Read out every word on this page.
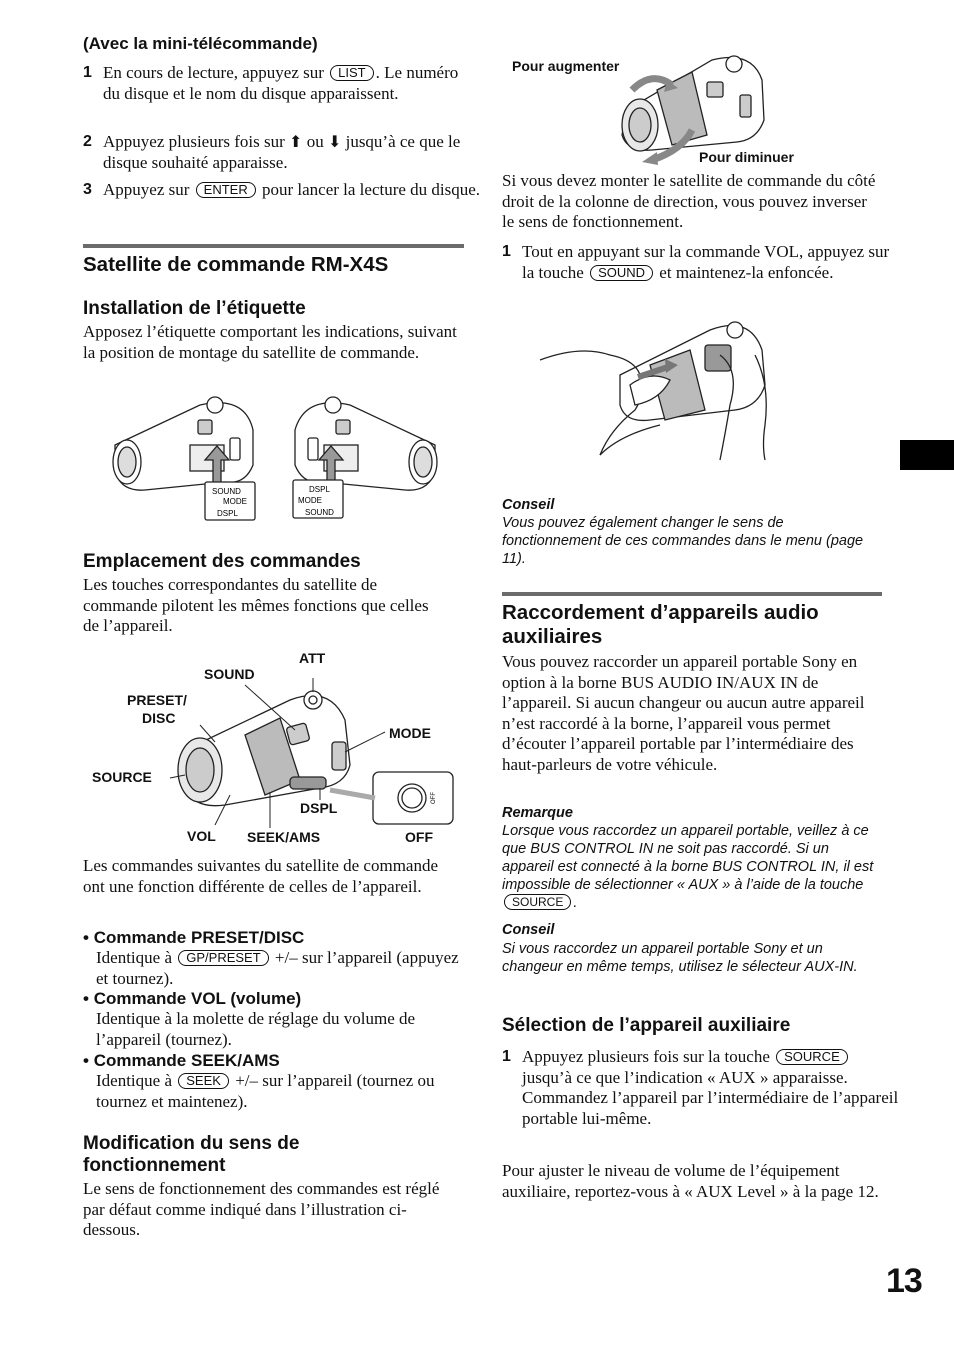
(Avec la mini-télécommande)
1 En cours de lecture, appuyez sur LIST . Le numéro du disque et le nom du disque apparaissent.
2 Appuyez plusieurs fois sur ⬆ ou ⬇ jusqu’à ce que le disque souhaité apparaisse.
3 Appuyez sur ENTER pour lancer la lecture du disque.
Satellite de commande RM-X4S
Installation de l’étiquette

Apposez l’étiquette comportant les indications, suivant la position de montage du satellite de commande.

SOUND
MODE
DSPL
DSPL
MODE
SOUND
Emplacement des commandes

Les touches correspondantes du satellite de commande pilotent les mêmes fonctions que celles de l’appareil.

OFF
ATT
SOUND
PRESET/
DISC
MODE
SOURCE
DSPL
VOL SEEK/AMS	OFF

Les commandes suivantes du satellite de commande ont une fonction différente de celles de l’appareil.

• Commande PRESET/DISC

Identique à GP/PRESET +/– sur l’appareil (appuyez et tournez).

• Commande VOL (volume)

Identique à la molette de réglage du volume de l’appareil (tournez).

• Commande SEEK/AMS

Identique à SEEK +/– sur l’appareil (tournez ou tournez et maintenez).

Modification du sens de fonctionnement

Le sens de fonctionnement des commandes est réglé par défaut comme indiqué dans l’illustration ci-dessous.

Pour augmenter
Pour diminuer

Si vous devez monter le satellite de commande du côté droit de la colonne de direction, vous pouvez inverser le sens de fonctionnement.

1 Tout en appuyant sur la commande VOL, appuyez sur la touche SOUND et maintenez-la enfoncée.
Conseil
Vous pouvez également changer le sens de fonctionnement de ces commandes dans le menu (page 11).
Raccordement d’appareils audio auxiliaires

Vous pouvez raccorder un appareil portable Sony en option à la borne BUS AUDIO IN/AUX IN de l’appareil. Si aucun changeur ou aucun autre appareil n’est raccordé à la borne, l’appareil vous permet d’écouter l’appareil portable par l’intermédiaire des haut-parleurs de votre véhicule.

Remarque
Lorsque vous raccordez un appareil portable, veillez à ce que BUS CONTROL IN ne soit pas raccordé. Si un appareil est connecté à la borne BUS CONTROL IN, il est impossible de sélectionner « AUX » à l’aide de la touche SOURCE .
Conseil
Si vous raccordez un appareil portable Sony et un changeur en même temps, utilisez le sélecteur AUX-IN.
Sélection de l’appareil auxiliaire
1 Appuyez plusieurs fois sur la touche SOURCE jusqu’à ce que l’indication « AUX » apparaisse.
Commandez l’appareil par l’intermédiaire de l’appareil portable lui-même.

Pour ajuster le niveau de volume de l’équipement auxiliaire, reportez-vous à « AUX Level » à la page 12.

13
